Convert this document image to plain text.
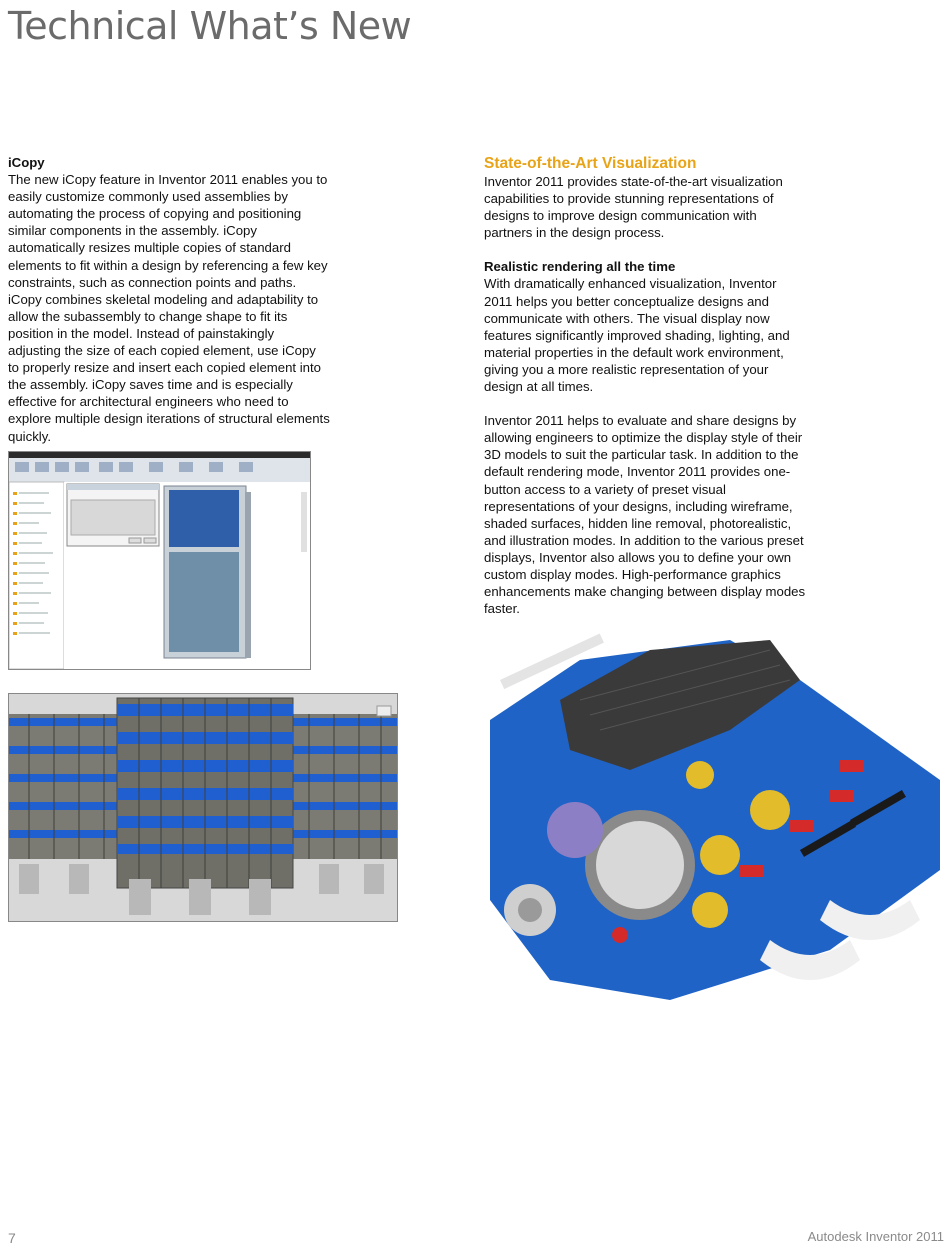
Technical What’s New
iCopy

The new iCopy feature in Inventor 2011 enables you to easily customize commonly used assemblies by automating the process of copying and positioning similar components in the assembly. iCopy automatically resizes multiple copies of standard elements to fit within a design by referencing a few key constraints, such as connection points and paths. iCopy combines skeletal modeling and adaptability to allow the subassembly to change shape to fit its position in the model. Instead of painstakingly adjusting the size of each copied element, use iCopy to properly resize and insert each copied element into the assembly. iCopy saves time and is especially effective for architectural engineers who need to explore multiple design iterations of structural elements quickly.

State-of-the-Art Visualization

Inventor 2011 provides state-of-the-art visualization capabilities to provide stunning representations of designs to improve design communication with partners in the design process.

Realistic rendering all the time

With dramatically enhanced visualization, Inventor 2011 helps you better conceptualize designs and communicate with others. The visual display now features significantly improved shading, lighting, and material properties in the default work environment, giving you a more realistic representation of your design at all times.

Inventor 2011 helps to evaluate and share designs by allowing engineers to optimize the display style of their 3D models to suit the particular task. In addition to the default rendering mode, Inventor 2011 provides one-button access to a variety of preset visual representations of your designs, including wireframe, shaded surfaces, hidden line removal, photorealistic, and illustration modes. In addition to the various preset displays, Inventor also allows you to define your own custom display modes. High-performance graphics enhancements make changing between display modes faster.

7	Autodesk Inventor 2011
